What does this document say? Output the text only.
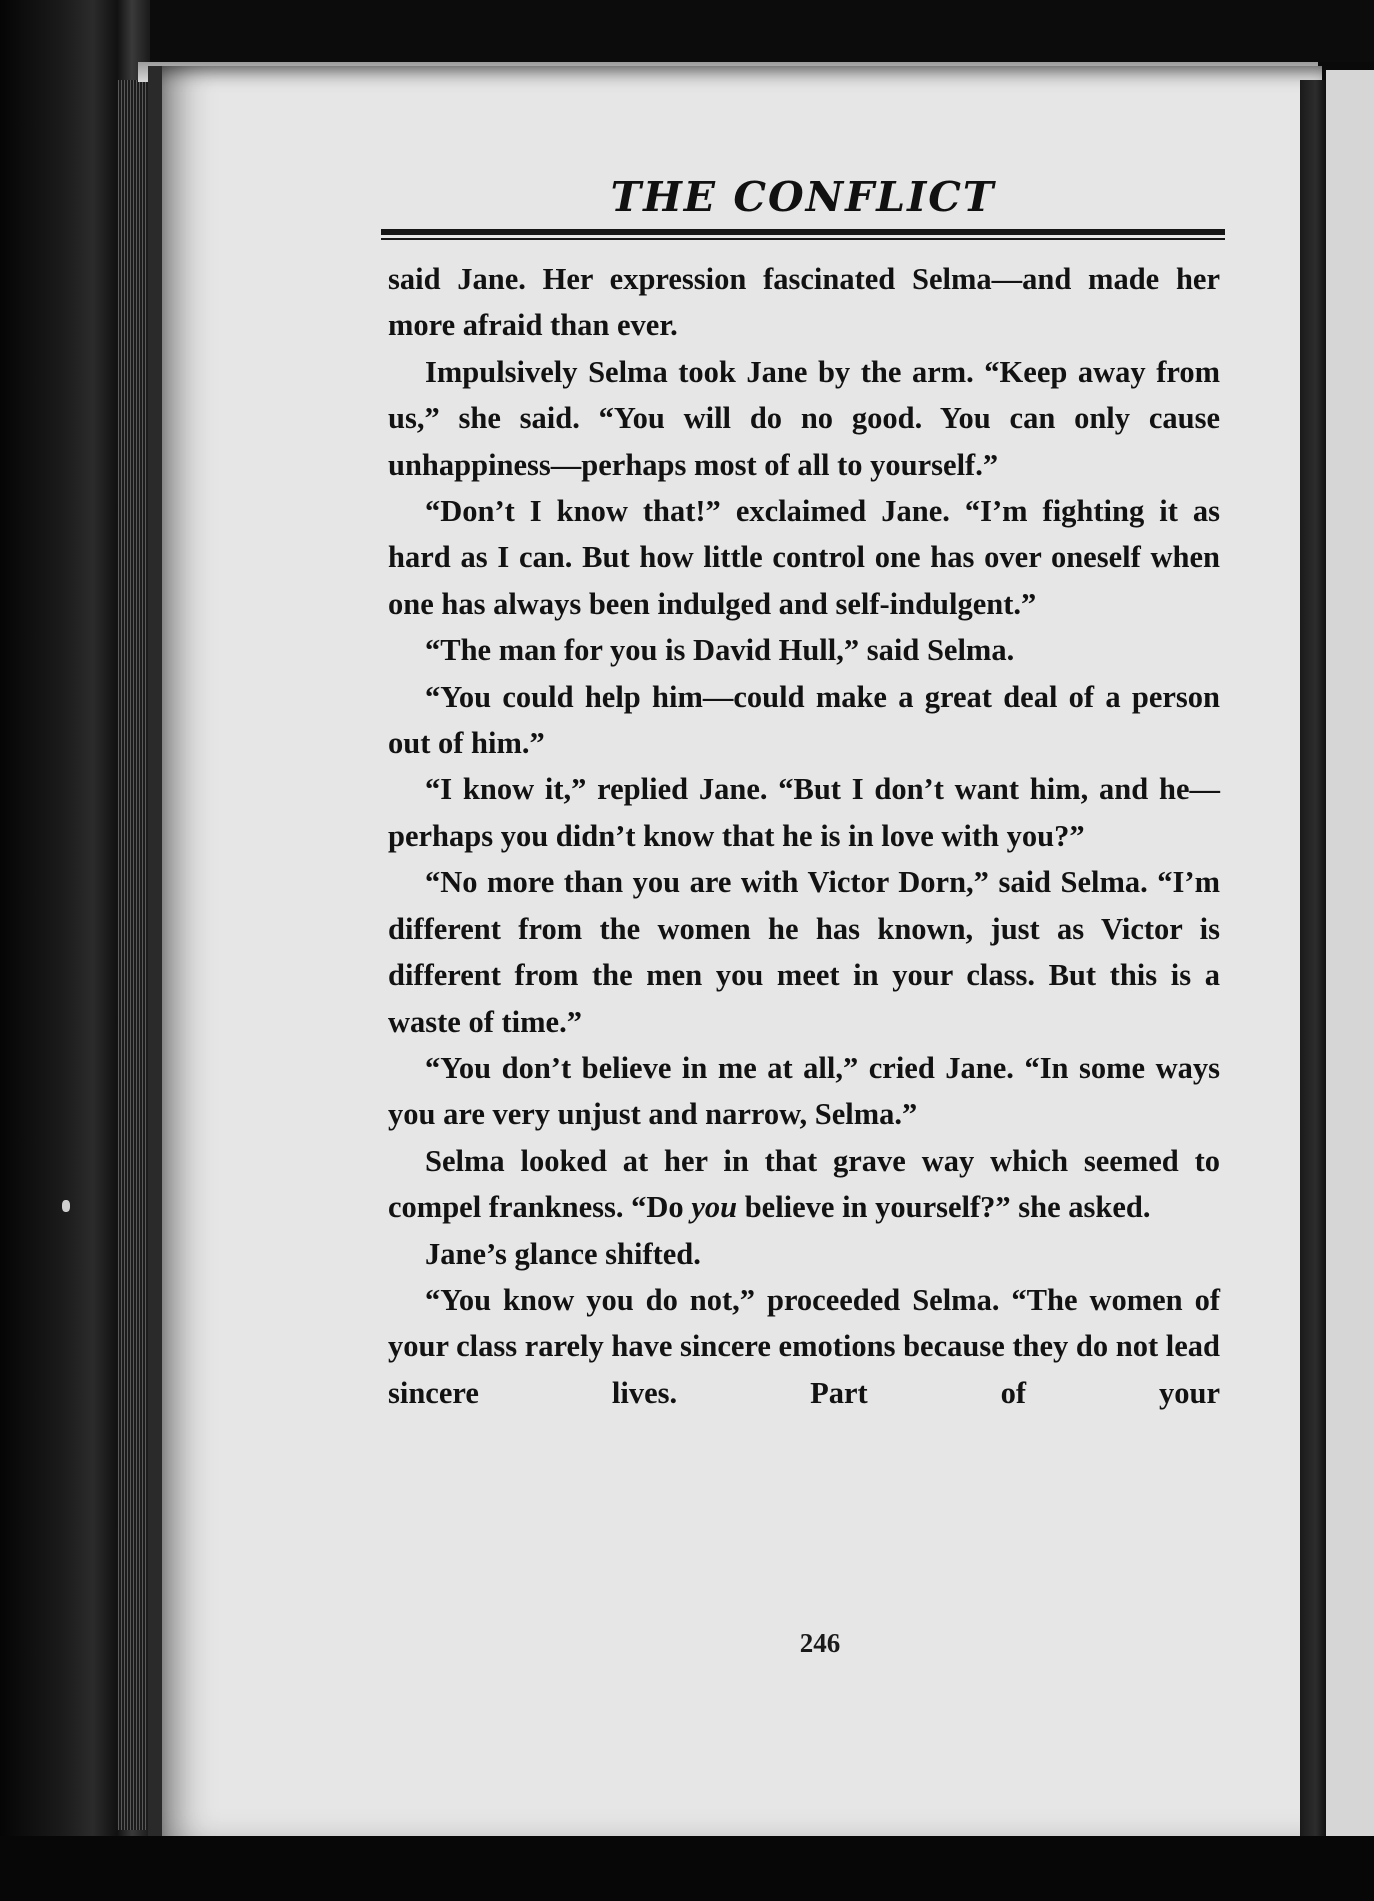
THE CONFLICT

said Jane. Her expression fascinated Selma—and made her more afraid than ever.

Impulsively Selma took Jane by the arm. “Keep away from us,” she said. “You will do no good. You can only cause unhappiness—perhaps most of all to yourself.”

“Don’t I know that!” exclaimed Jane. “I’m fighting it as hard as I can. But how little control one has over oneself when one has always been indulged and self-indulgent.”

“The man for you is David Hull,” said Selma.

“You could help him—could make a great deal of a person out of him.”

“I know it,” replied Jane. “But I don’t want him, and he—perhaps you didn’t know that he is in love with you?”

“No more than you are with Victor Dorn,” said Selma. “I’m different from the women he has known, just as Victor is different from the men you meet in your class. But this is a waste of time.”

“You don’t believe in me at all,” cried Jane. “In some ways you are very unjust and narrow, Selma.”

Selma looked at her in that grave way which seemed to compel frankness. “Do you believe in yourself?” she asked.

Jane’s glance shifted.

“You know you do not,” proceeded Selma. “The women of your class rarely have sincere emotions because they do not lead sincere lives. Part of your

246
